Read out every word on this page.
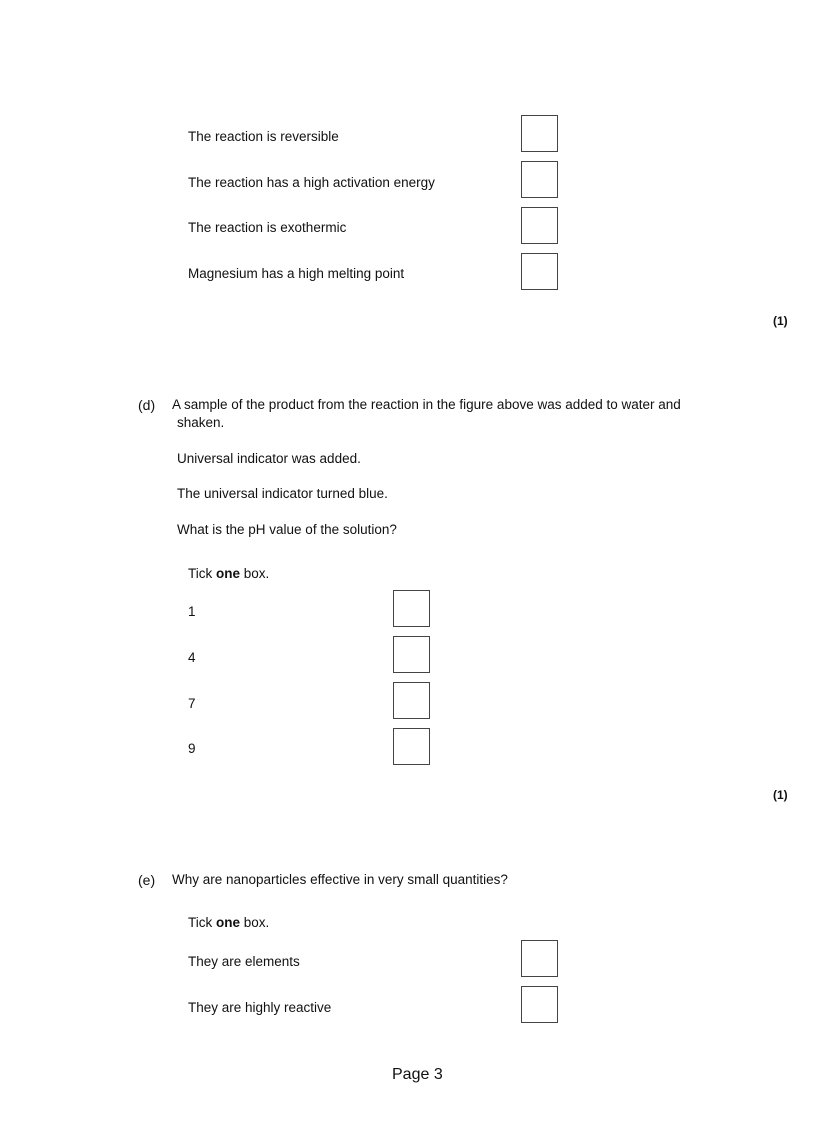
The reaction is reversible
The reaction has a high activation energy
The reaction is exothermic
Magnesium has a high melting point
(1)
(d) A sample of the product from the reaction in the figure above was added to water and
shaken.
Universal indicator was added.
The universal indicator turned blue.
What is the pH value of the solution?
Tick one box.
1
4
7
9
(1)
(e) Why are nanoparticles effective in very small quantities?
Tick one box.
They are elements
They are highly reactive
Page 3
